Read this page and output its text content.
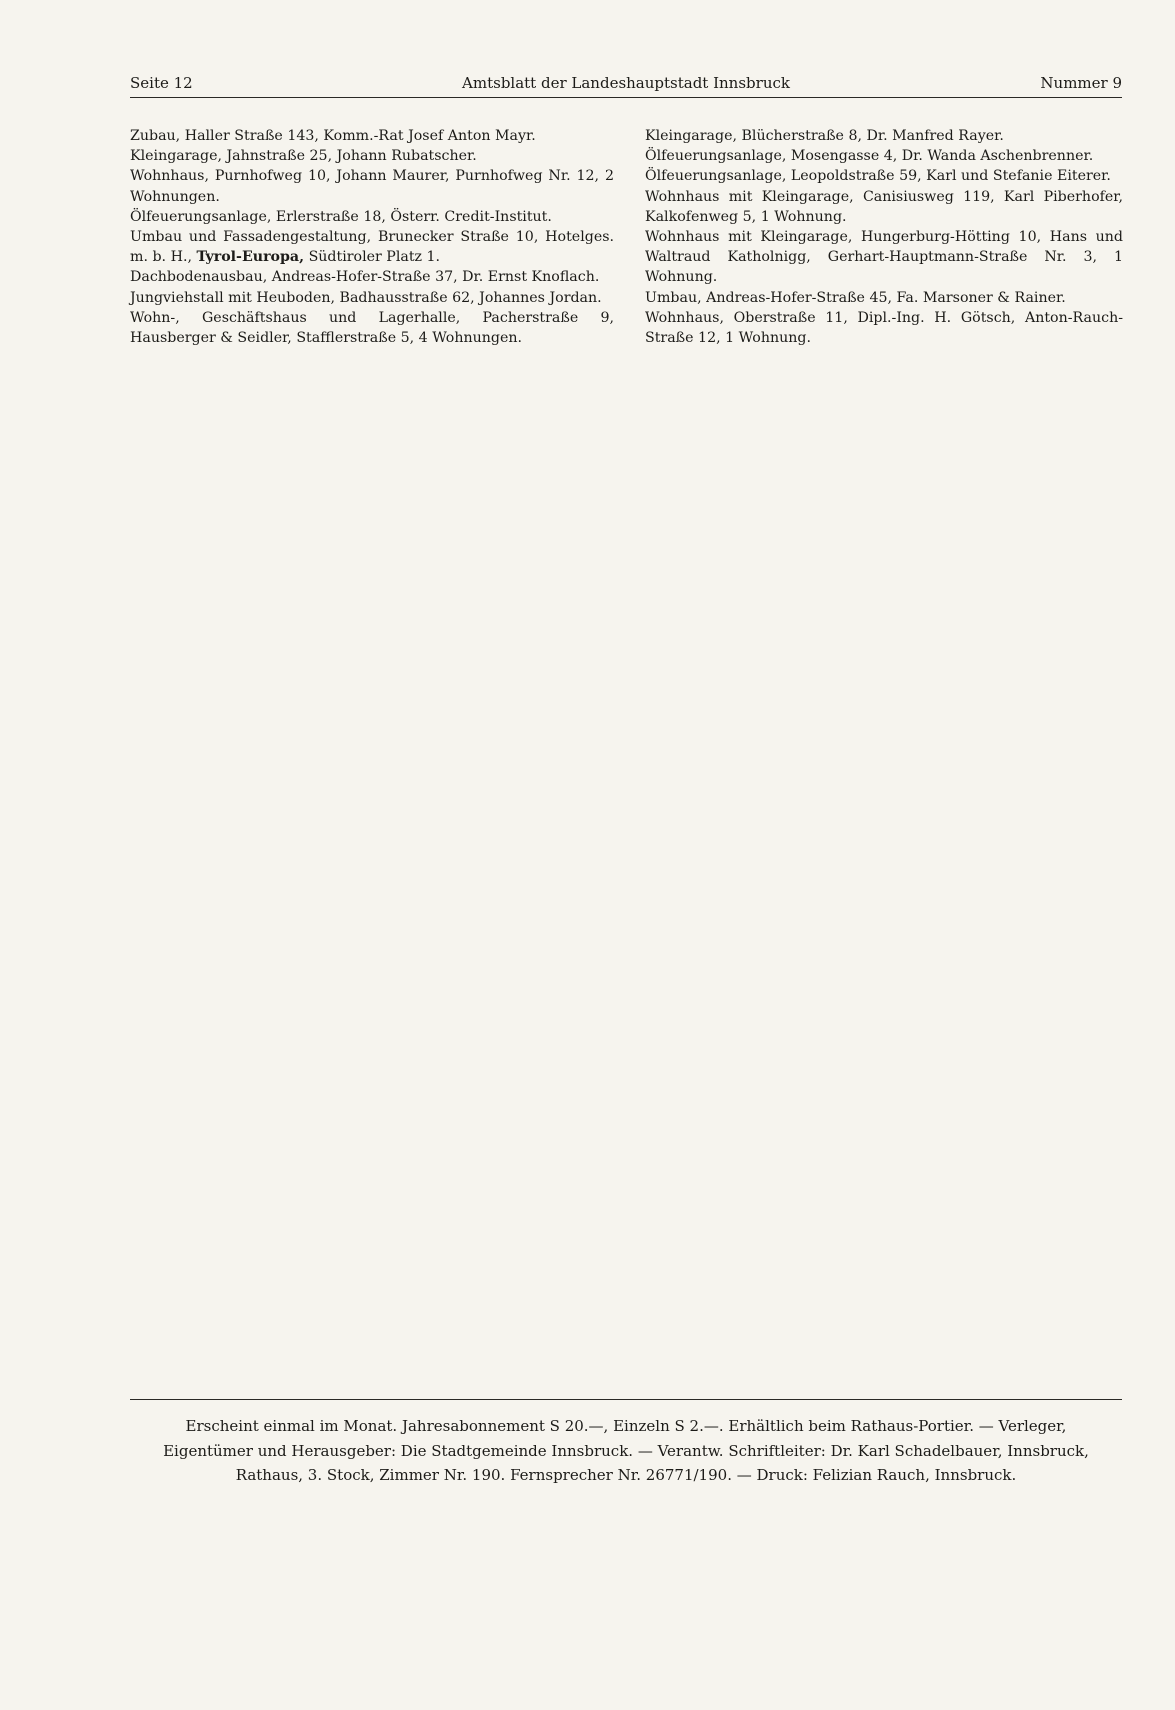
Seite 12	Amtsblatt der Landeshauptstadt Innsbruck	Nummer 9

Zubau, Haller Straße 143, Komm.-Rat Josef Anton Mayr.

Kleingarage, Jahnstraße 25, Johann Rubatscher.

Wohnhaus, Purnhofweg 10, Johann Maurer, Purnhofweg Nr. 12, 2 Wohnungen.

Ölfeuerungsanlage, Erlerstraße 18, Österr. Credit-Institut.

Umbau und Fassadengestaltung, Brunecker Straße 10, Hotelges. m. b. H., Tyrol-Europa, Südtiroler Platz 1.

Dachbodenausbau, Andreas-Hofer-Straße 37, Dr. Ernst Knoflach.

Jungviehstall mit Heuboden, Badhausstraße 62, Johannes Jordan.

Wohn-, Geschäftshaus und Lagerhalle, Pacherstraße 9, Hausberger & Seidler, Stafflerstraße 5, 4 Wohnungen.

Kleingarage, Blücherstraße 8, Dr. Manfred Rayer.

Ölfeuerungsanlage, Mosengasse 4, Dr. Wanda Aschenbrenner.

Ölfeuerungsanlage, Leopoldstraße 59, Karl und Stefanie Eiterer.

Wohnhaus mit Kleingarage, Canisiusweg 119, Karl Piberhofer, Kalkofenweg 5, 1 Wohnung.

Wohnhaus mit Kleingarage, Hungerburg-Hötting 10, Hans und Waltraud Katholnigg, Gerhart-Hauptmann-Straße Nr. 3, 1 Wohnung.

Umbau, Andreas-Hofer-Straße 45, Fa. Marsoner & Rainer.

Wohnhaus, Oberstraße 11, Dipl.-Ing. H. Götsch, Anton-Rauch-Straße 12, 1 Wohnung.

Erscheint einmal im Monat. Jahresabonnement S 20.—, Einzeln S 2.—. Erhältlich beim Rathaus-Portier. — Verleger,
Eigentümer und Herausgeber: Die Stadtgemeinde Innsbruck. — Verantw. Schriftleiter: Dr. Karl Schadelbauer, Innsbruck,
Rathaus, 3. Stock, Zimmer Nr. 190. Fernsprecher Nr. 26771/190. — Druck: Felizian Rauch, Innsbruck.
